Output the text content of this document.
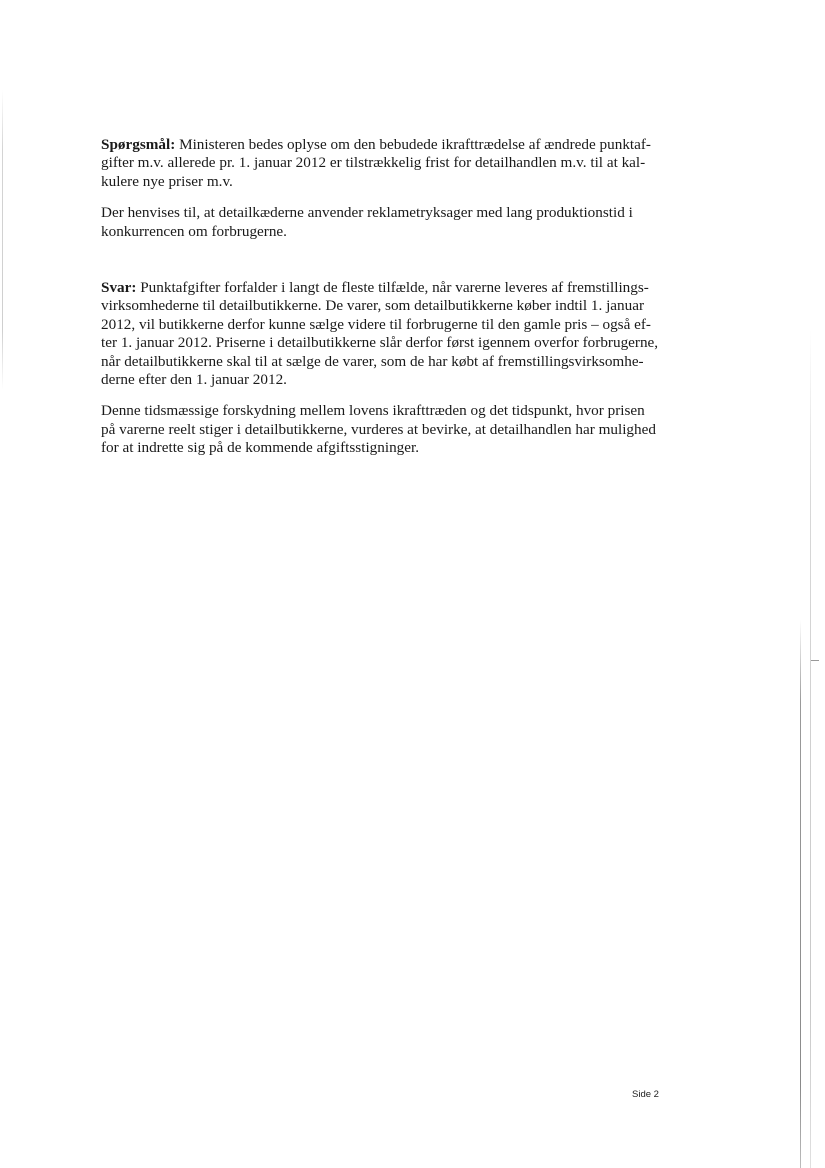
Spørgsmål: Ministeren bedes oplyse om den bebudede ikrafttrædelse af ændrede punktaf-
gifter m.v. allerede pr. 1. januar 2012 er tilstrækkelig frist for detailhandlen m.v. til at kal-
kulere nye priser m.v.

Der henvises til, at detailkæderne anvender reklametryksager med lang produktionstid i
konkurrencen om forbrugerne.

Svar: Punktafgifter forfalder i langt de fleste tilfælde, når varerne leveres af fremstillings-
virksomhederne til detailbutikkerne. De varer, som detailbutikkerne køber indtil 1. januar
2012, vil butikkerne derfor kunne sælge videre til forbrugerne til den gamle pris – også ef-
ter 1. januar 2012. Priserne i detailbutikkerne slår derfor først igennem overfor forbrugerne,
når detailbutikkerne skal til at sælge de varer, som de har købt af fremstillingsvirksomhe-
derne efter den 1. januar 2012.

Denne tidsmæssige forskydning mellem lovens ikrafttræden og det tidspunkt, hvor prisen
på varerne reelt stiger i detailbutikkerne, vurderes at bevirke, at detailhandlen har mulighed
for at indrette sig på de kommende afgiftsstigninger.

Side 2
